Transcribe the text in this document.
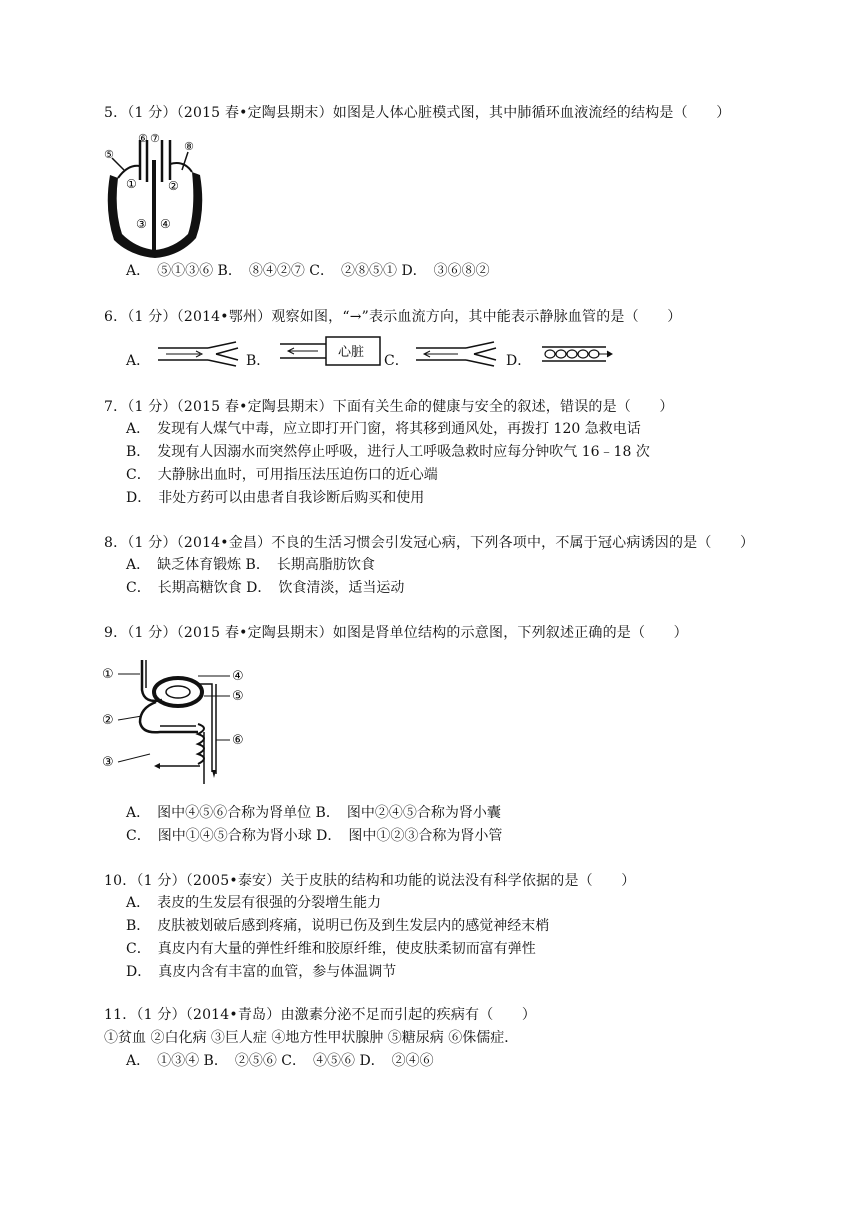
5．（1 分）（2015 春•定陶县期末）如图是人体心脏模式图，其中肺循环血液流经的结构是（　　）
⑤
⑥ ⑦
⑧
①	②
③ ④
A．　⑤①③⑥ B．　⑧④②⑦ C．　②⑧⑤① D．　③⑥⑧②
6．（1 分）（2014•鄂州）观察如图，“→”表示血流方向，其中能表示静脉血管的是（　　）
A．	B．
心脏
C．	D．
7．（1 分）（2015 春•定陶县期末）下面有关生命的健康与安全的叙述，错误的是（　　）
A．　发现有人煤气中毒，应立即打开门窗，将其移到通风处，再拨打 120 急救电话
B．　发现有人因溺水而突然停止呼吸，进行人工呼吸急救时应每分钟吹气 16﹣18 次
C．　大静脉出血时，可用指压法压迫伤口的近心端
D．　非处方药可以由患者自我诊断后购买和使用
8．（1 分）（2014•金昌）不良的生活习惯会引发冠心病，下列各项中，不属于冠心病诱因的是（　　）
A．　缺乏体育锻炼 B．　长期高脂肪饮食
C．　长期高糖饮食 D．　饮食清淡，适当运动
9．（1 分）（2015 春•定陶县期末）如图是肾单位结构的示意图，下列叙述正确的是（　　）
①
②
③
④
⑤
⑥
A．　图中④⑤⑥合称为肾单位 B．　图中②④⑤合称为肾小囊
C．　图中①④⑤合称为肾小球 D．　图中①②③合称为肾小管
10．（1 分）（2005•泰安）关于皮肤的结构和功能的说法没有科学依据的是（　　）
A．　表皮的生发层有很强的分裂增生能力
B．　皮肤被划破后感到疼痛，说明已伤及到生发层内的感觉神经末梢
C．　真皮内有大量的弹性纤维和胶原纤维，使皮肤柔韧而富有弹性
D．　真皮内含有丰富的血管，参与体温调节
11．（1 分）（2014•青岛）由激素分泌不足而引起的疾病有（　　）
①贫血 ②白化病 ③巨人症 ④地方性甲状腺肿 ⑤糖尿病 ⑥侏儒症．
A．　①③④ B．　②⑤⑥ C．　④⑤⑥ D．　②④⑥
